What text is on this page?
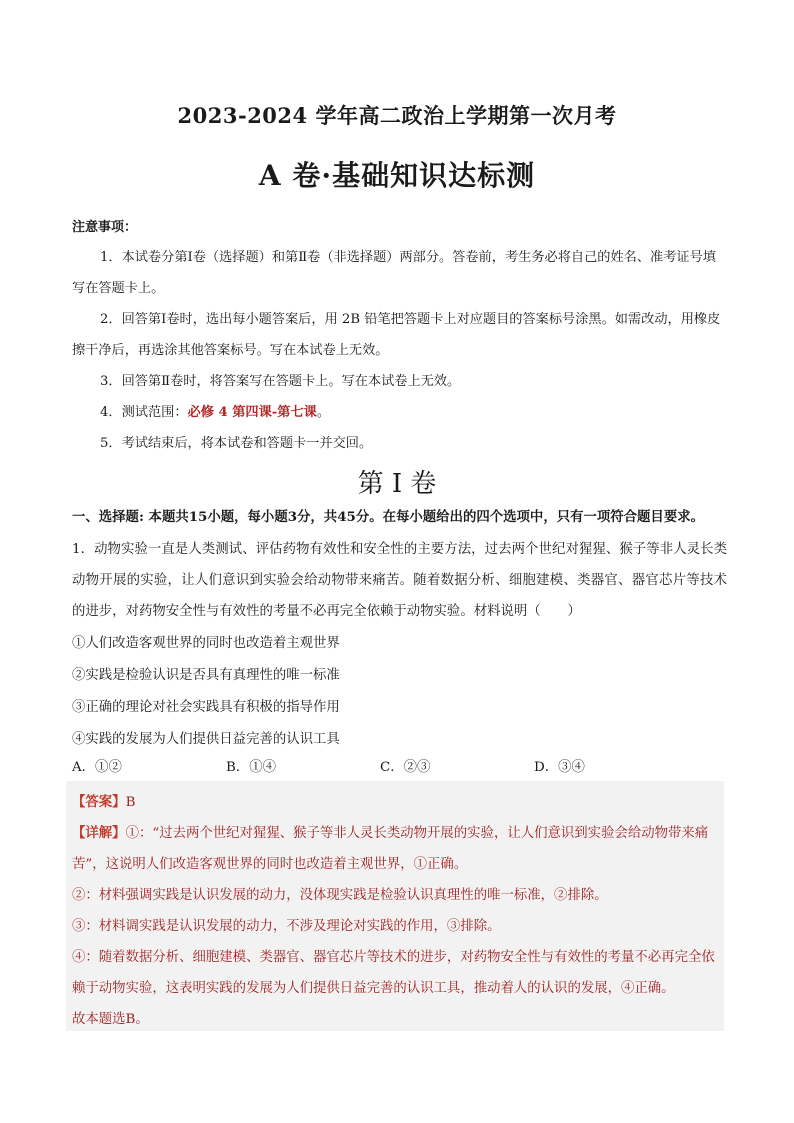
2023-2024 学年高二政治上学期第一次月考
A 卷·基础知识达标测
注意事项：

1．本试卷分第Ⅰ卷（选择题）和第Ⅱ卷（非选择题）两部分。答卷前，考生务必将自己的姓名、准考证号填写在答题卡上。

2．回答第Ⅰ卷时，选出每小题答案后，用 2B 铅笔把答题卡上对应题目的答案标号涂黑。如需改动，用橡皮擦干净后，再选涂其他答案标号。写在本试卷上无效。

3．回答第Ⅱ卷时，将答案写在答题卡上。写在本试卷上无效。

4．测试范围：必修 4 第四课-第七课。

5．考试结束后，将本试卷和答题卡一并交回。

第 I 卷
一、选择题: 本题共15小题，每小题3分，共45分。在每小题给出的四个选项中，只有一项符合题目要求。

1．动物实验一直是人类测试、评估药物有效性和安全性的主要方法，过去两个世纪对猩猩、猴子等非人灵长类动物开展的实验，让人们意识到实验会给动物带来痛苦。随着数据分析、细胞建模、类器官、器官芯片等技术的进步，对药物安全性与有效性的考量不必再完全依赖于动物实验。材料说明（　　）

①人们改造客观世界的同时也改造着主观世界

②实践是检验认识是否具有真理性的唯一标准

③正确的理论对社会实践具有积极的指导作用

④实践的发展为人们提供日益完善的认识工具

A．①②	B．①④	C．②③	D．③④

【答案】B

【详解】①：“过去两个世纪对猩猩、猴子等非人灵长类动物开展的实验，让人们意识到实验会给动物带来痛苦”，这说明人们改造客观世界的同时也改造着主观世界，①正确。

②：材料强调实践是认识发展的动力，没体现实践是检验认识真理性的唯一标准，②排除。

③：材料调实践是认识发展的动力，不涉及理论对实践的作用，③排除。

④：随着数据分析、细胞建模、类器官、器官芯片等技术的进步，对药物安全性与有效性的考量不必再完全依赖于动物实验，这表明实践的发展为人们提供日益完善的认识工具，推动着人的认识的发展，④正确。

故本题选B。
